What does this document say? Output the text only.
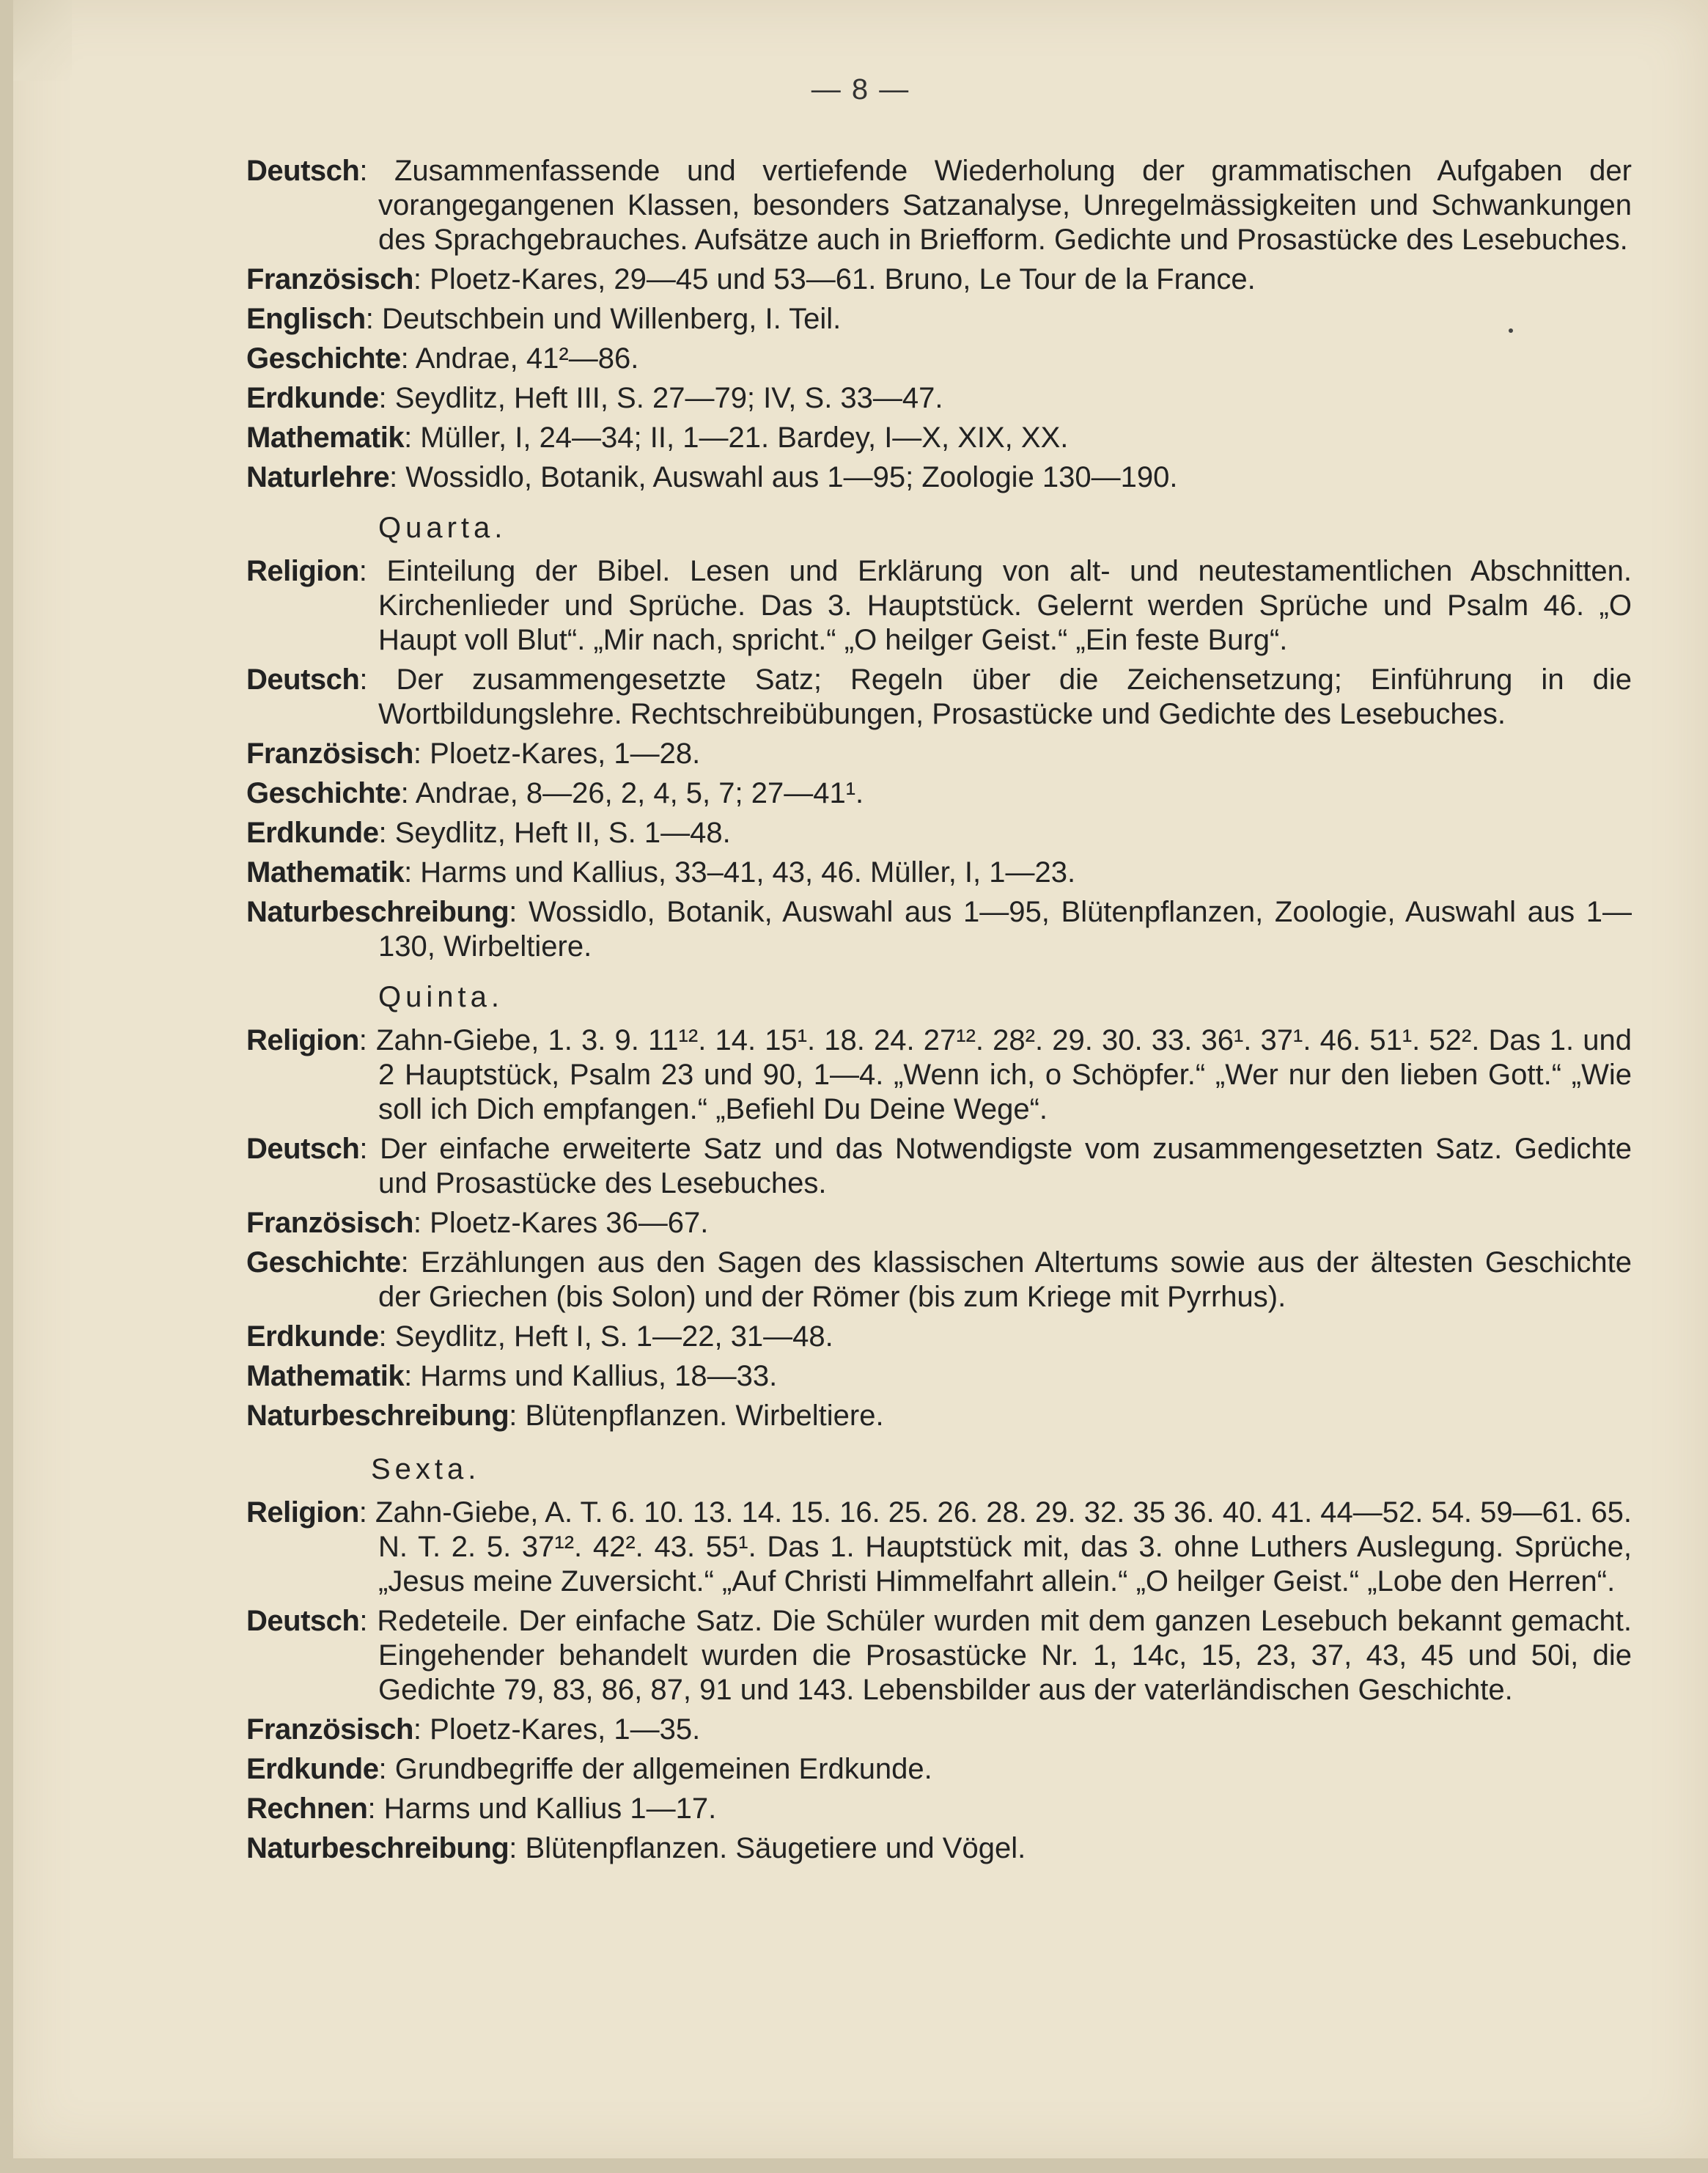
— 8 —
Deutsch: Zusammenfassende und vertiefende Wiederholung der grammatischen Aufgaben der vorangegangenen Klassen, besonders Satzanalyse, Unregelmässigkeiten und Schwankungen des Sprachgebrauches. Aufsätze auch in Briefform. Gedichte und Prosastücke des Lesebuches.
Französisch: Ploetz-Kares, 29—45 und 53—61. Bruno, Le Tour de la France.
Englisch: Deutschbein und Willenberg, I. Teil.
Geschichte: Andrae, 41²—86.
Erdkunde: Seydlitz, Heft III, S. 27—79; IV, S. 33—47.
Mathematik: Müller, I, 24—34; II, 1—21. Bardey, I—X, XIX, XX.
Naturlehre: Wossidlo, Botanik, Auswahl aus 1—95; Zoologie 130—190.
Quarta.
Religion: Einteilung der Bibel. Lesen und Erklärung von alt- und neutestamentlichen Abschnitten. Kirchenlieder und Sprüche. Das 3. Hauptstück. Gelernt werden Sprüche und Psalm 46. „O Haupt voll Blut“. „Mir nach, spricht.“ „O heilger Geist.“ „Ein feste Burg“.
Deutsch: Der zusammengesetzte Satz; Regeln über die Zeichensetzung; Einführung in die Wortbildungslehre. Rechtschreibübungen, Prosastücke und Gedichte des Lesebuches.
Französisch: Ploetz-Kares, 1—28.
Geschichte: Andrae, 8—26, 2, 4, 5, 7; 27—41¹.
Erdkunde: Seydlitz, Heft II, S. 1—48.
Mathematik: Harms und Kallius, 33–41, 43, 46. Müller, I, 1—23.
Naturbeschreibung: Wossidlo, Botanik, Auswahl aus 1—95, Blütenpflanzen, Zoologie, Auswahl aus 1—130, Wirbeltiere.
Quinta.
Religion: Zahn-Giebe, 1. 3. 9. 11¹². 14. 15¹. 18. 24. 27¹². 28². 29. 30. 33. 36¹. 37¹. 46. 51¹. 52². Das 1. und 2 Hauptstück, Psalm 23 und 90, 1—4. „Wenn ich, o Schöpfer.“ „Wer nur den lieben Gott.“ „Wie soll ich Dich empfangen.“ „Befiehl Du Deine Wege“.
Deutsch: Der einfache erweiterte Satz und das Notwendigste vom zusammengesetzten Satz. Gedichte und Prosastücke des Lesebuches.
Französisch: Ploetz-Kares 36—67.
Geschichte: Erzählungen aus den Sagen des klassischen Altertums sowie aus der ältesten Geschichte der Griechen (bis Solon) und der Römer (bis zum Kriege mit Pyrrhus).
Erdkunde: Seydlitz, Heft I, S. 1—22, 31—48.
Mathematik: Harms und Kallius, 18—33.
Naturbeschreibung: Blütenpflanzen. Wirbeltiere.
Sexta.
Religion: Zahn-Giebe, A. T. 6. 10. 13. 14. 15. 16. 25. 26. 28. 29. 32. 35 36. 40. 41. 44—52. 54. 59—61. 65. N. T. 2. 5. 37¹². 42². 43. 55¹. Das 1. Hauptstück mit, das 3. ohne Luthers Auslegung. Sprüche, „Jesus meine Zuversicht.“ „Auf Christi Himmelfahrt allein.“ „O heilger Geist.“ „Lobe den Herren“.
Deutsch: Redeteile. Der einfache Satz. Die Schüler wurden mit dem ganzen Lesebuch bekannt gemacht. Eingehender behandelt wurden die Prosastücke Nr. 1, 14c, 15, 23, 37, 43, 45 und 50i, die Gedichte 79, 83, 86, 87, 91 und 143. Lebensbilder aus der vaterländischen Geschichte.
Französisch: Ploetz-Kares, 1—35.
Erdkunde: Grundbegriffe der allgemeinen Erdkunde.
Rechnen: Harms und Kallius 1—17.
Naturbeschreibung: Blütenpflanzen. Säugetiere und Vögel.
